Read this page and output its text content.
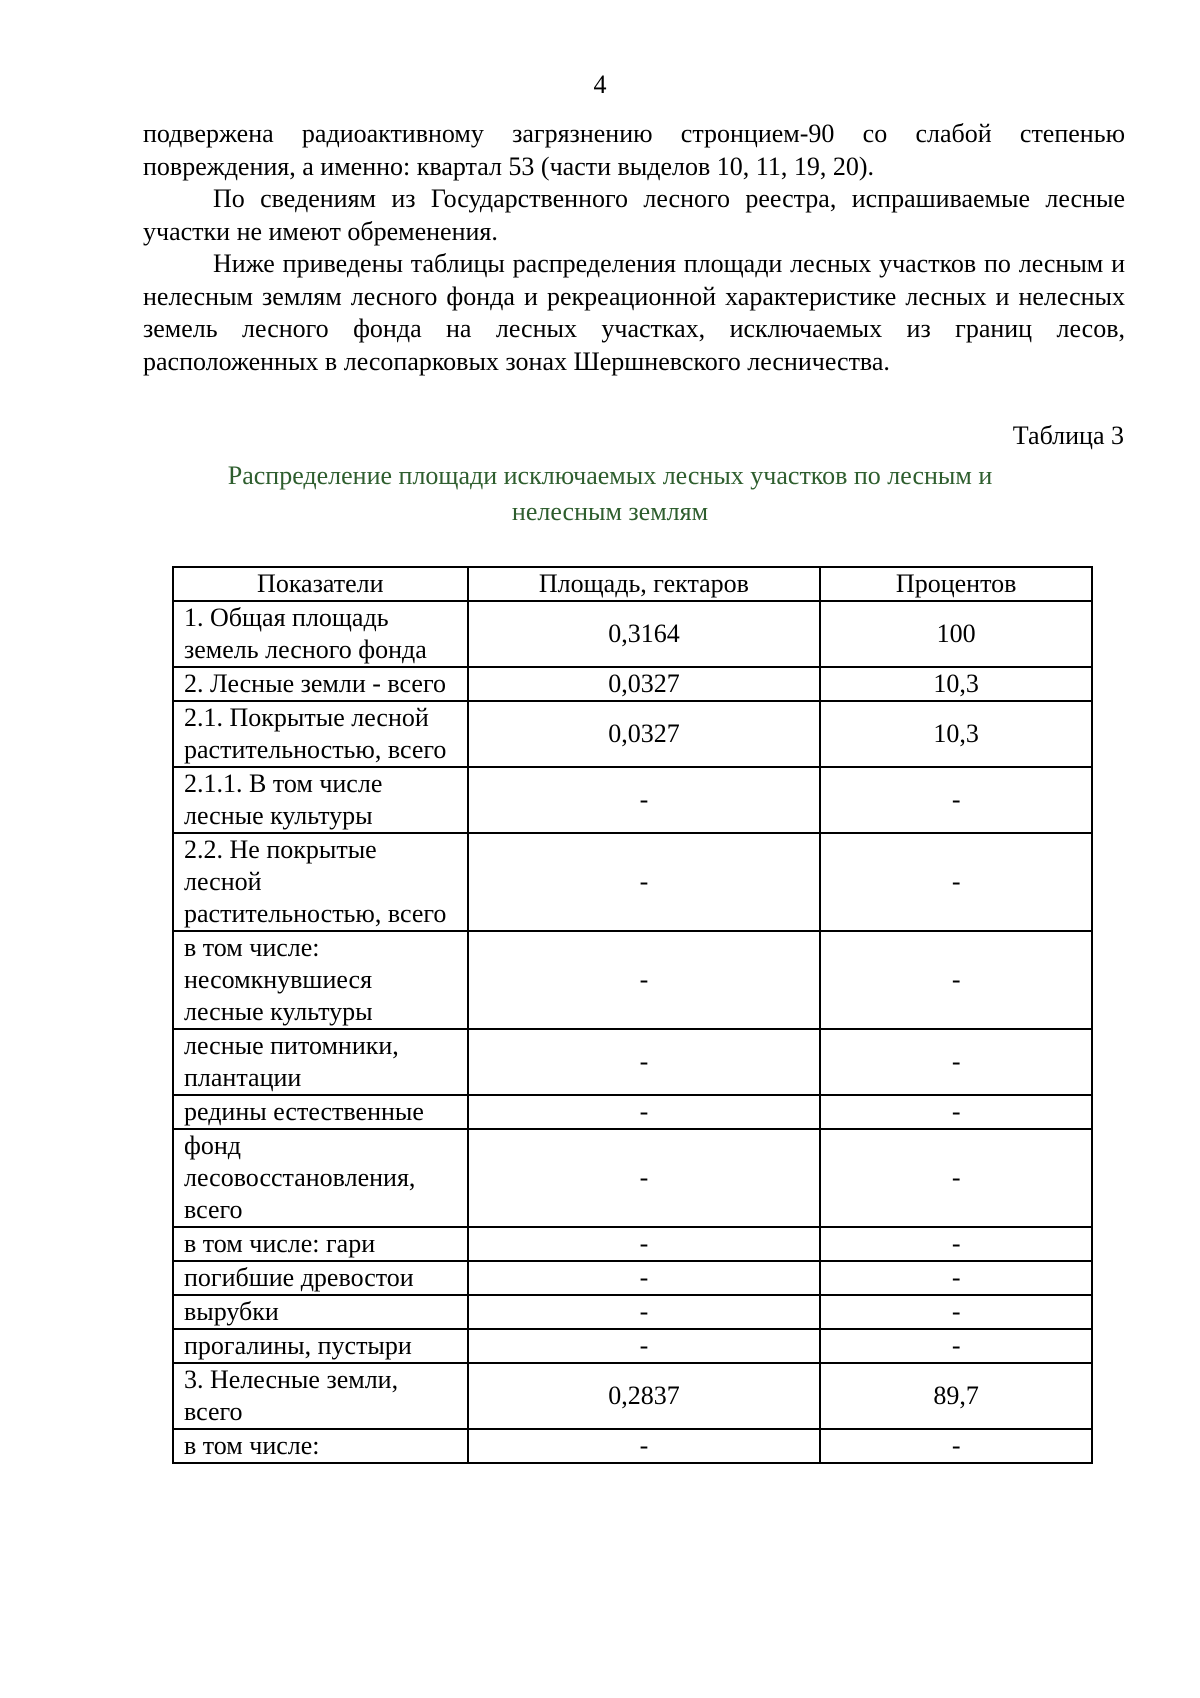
4

подвержена радиоактивному загрязнению стронцием-90 со слабой степенью повреждения, а именно: квартал 53 (части выделов 10, 11, 19, 20).

По сведениям из Государственного лесного реестра, испрашиваемые лесные участки не имеют обременения.

Ниже приведены таблицы распределения площади лесных участков по лесным и нелесным землям лесного фонда и рекреационной характеристике лесных и нелесных земель лесного фонда на лесных участках, исключаемых из границ лесов, расположенных в лесопарковых зонах Шершневского лесничества.

Таблица 3
Распределение площади исключаемых лесных участков по лесным и нелесным землям
Показатели	Площадь, гектаров	Процентов
1. Общая площадь земель лесного фонда	0,3164	100
2. Лесные земли - всего	0,0327	10,3
2.1. Покрытые лесной растительностью, всего	0,0327	10,3
2.1.1. В том числе лесные культуры	-	-
2.2. Не покрытые лесной растительностью, всего	-	-
в том числе: несомкнувшиеся лесные культуры	-	-
лесные питомники, плантации	-	-
редины естественные	-	-
фонд лесовосстановления, всего	-	-
в том числе: гари	-	-
погибшие древостои	-	-
вырубки	-	-
прогалины, пустыри	-	-
3. Нелесные земли, всего	0,2837	89,7
в том числе:	-	-
